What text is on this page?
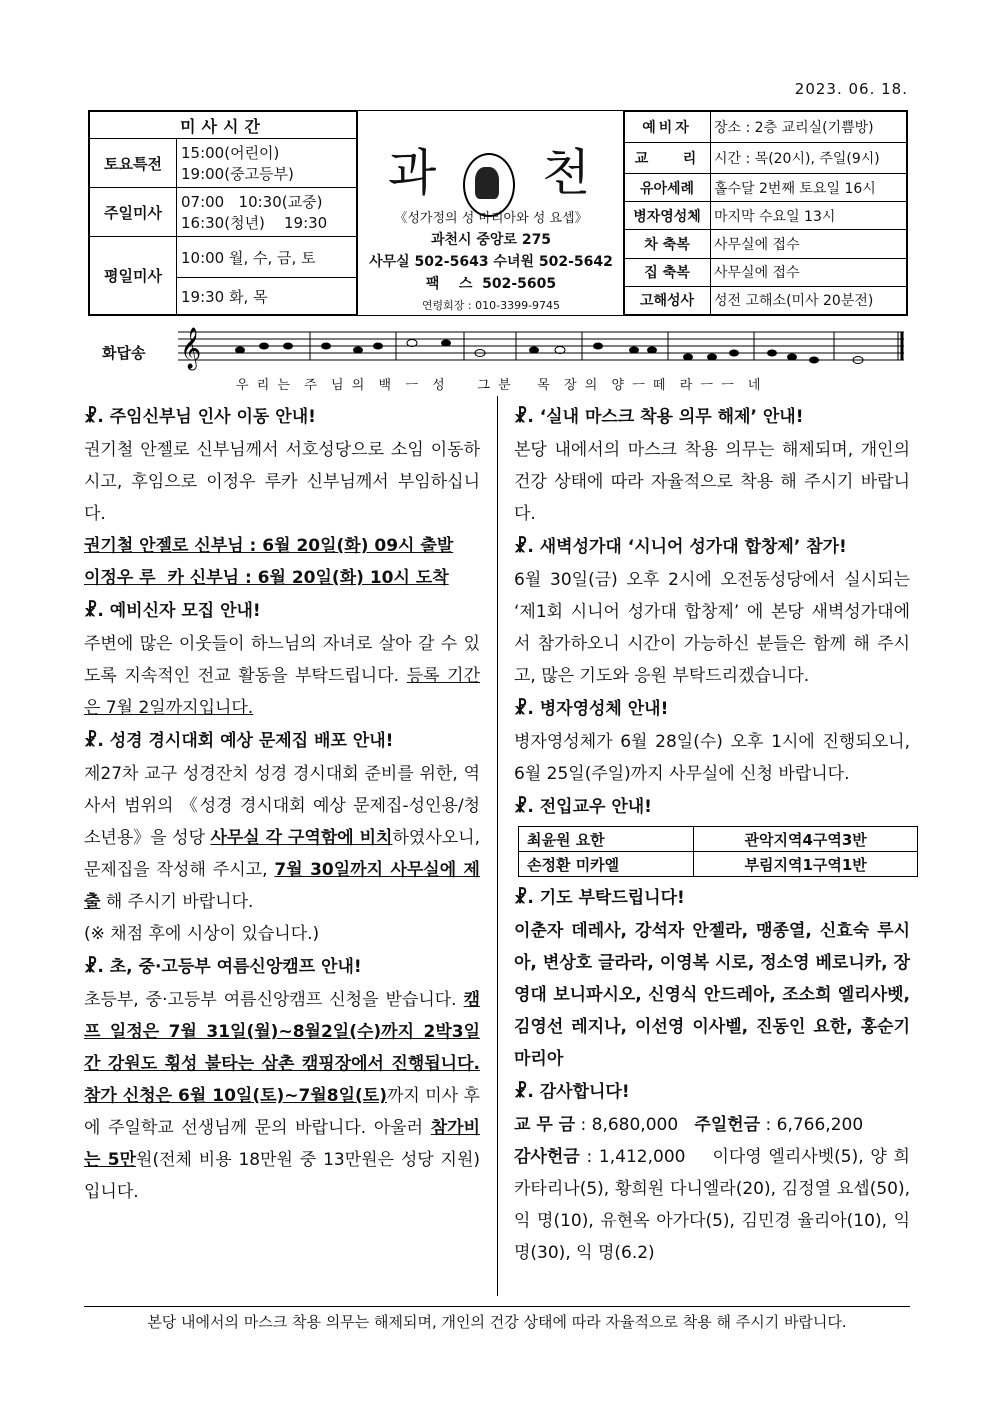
2023. 06. 18.
미사시간	
토요특전	15:00(어린이)
19:00(중고등부)

주일미사	07:00   10:30(교중)
16:30(청년)    19:30

평일미사	10:00 월, 수, 금, 토
	19:30 화, 목
과 천
《성가정의 성 마리아와 성 요셉》
과천시 중앙로 275
사무실 502-5643 수녀원 502-5642
팩    스  502-5605
연령회장 : 010-3399-9745
예비자	장소 : 2층 교리실(기쁨방)
교    리	시간 : 목(20시), 주일(9시)
유아세례	홀수달 2번째 토요일 16시
병자영성체	마지막 수요일 13시
차 축복	사무실에 접수
집 축복	사무실에 접수
고해성사	성전 고해소(미사 20분전)
화답송 𝄞
우 리 는  주  님 의  백  ㅡ  성     그 분    목  장 의  양 ㅡ 떼  라 ㅡ ㅡ  네
☧. 주임신부님 인사 이동 안내!

권기철 안젤로 신부님께서 서호성당으로 소임 이동하시고, 후임으로 이정우 루카 신부님께서 부임하십니다.

권기철 안젤로 신부님 : 6월 20일(화) 09시 출발
이정우 루  카 신부님 : 6월 20일(화) 10시 도착
☧. 예비신자 모집 안내!

주변에 많은 이웃들이 하느님의 자녀로 살아 갈 수 있도록 지속적인 전교 활동을 부탁드립니다. 등록 기간은 7월 2일까지입니다.

☧. 성경 경시대회 예상 문제집 배포 안내!

제27차 교구 성경잔치 성경 경시대회 준비를 위한, 역사서 범위의 《성경 경시대회 예상 문제집-성인용/청소년용》을 성당 사무실 각 구역함에 비치하였사오니, 문제집을 작성해 주시고, 7월 30일까지 사무실에 제출 해 주시기 바랍니다.

(※ 채점 후에 시상이 있습니다.)

☧. 초, 중·고등부 여름신앙캠프 안내!

초등부, 중·고등부 여름신앙캠프 신청을 받습니다. 캠프 일정은 7월 31일(월)~8월2일(수)까지 2박3일간 강원도 횡성 불타는 삼촌 캠핑장에서 진행됩니다. 참가 신청은 6월 10일(토)~7월8일(토)까지 미사 후에 주일학교 선생님께 문의 바랍니다. 아울러 참가비는 5만원(전체 비용 18만원 중 13만원은 성당 지원)입니다.

☧. ‘실내 마스크 착용 의무 해제’ 안내!

본당 내에서의 마스크 착용 의무는 해제되며, 개인의 건강 상태에 따라 자율적으로 착용 해 주시기 바랍니다.

☧. 새벽성가대 ‘시니어 성가대 합창제’ 참가!

6월 30일(금) 오후 2시에 오전동성당에서 실시되는 ‘제1회 시니어 성가대 합창제’ 에 본당 새벽성가대에서 참가하오니 시간이 가능하신 분들은 함께 해 주시고, 많은 기도와 응원 부탁드리겠습니다.

☧. 병자영성체 안내!

병자영성체가 6월 28일(수) 오후 1시에 진행되오니, 6월 25일(주일)까지 사무실에 신청 바랍니다.

☧. 전입교우 안내!
최윤원 요한	관악지역4구역3반
손정환 미카엘	부림지역1구역1반
☧. 기도 부탁드립니다!

이춘자 데레사, 강석자 안젤라, 맹종열, 신효숙 루시아, 변상호 글라라, 이영복 시로, 정소영 베로니카, 장영대 보니파시오, 신영식 안드레아, 조소희 엘리사벳, 김영선 레지나, 이선영 이사벨, 진동인 요한, 홍순기 마리아

☧. 감사합니다!
교 무 금 : 8,680,000 주일헌금 : 6,766,200

감사헌금 : 1,412,000 이다영 엘리사벳(5), 양 희 카타리나(5), 황희원 다니엘라(20), 김정열 요셉(50), 익 명(10), 유현옥 아가다(5), 김민경 율리아(10), 익 명(30), 익 명(6.2)

본당 내에서의 마스크 착용 의무는 해제되며, 개인의 건강 상태에 따라 자율적으로 착용 해 주시기 바랍니다.
